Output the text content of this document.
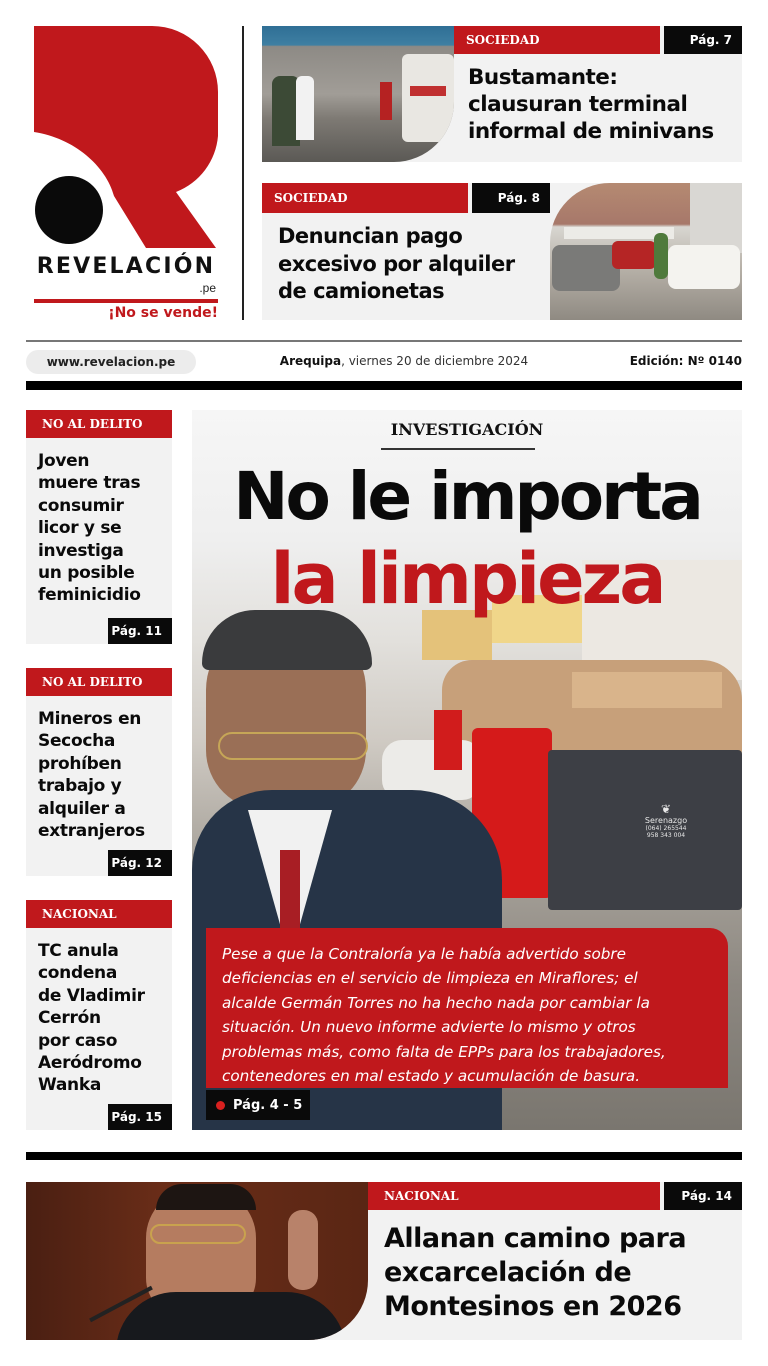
REVELACIÓN
.pe
¡No se vende!
SOCIEDAD	Pág. 7
Bustamante:
clausuran terminal
informal de minivans
SOCIEDAD	Pág. 8
Denuncian pago
excesivo por alquiler
de camionetas
www.revelacion.pe	Arequipa, viernes 20 de diciembre 2024	Edición: Nº 0140
NO AL DELITO
Joven
muere tras
consumir
licor y se
investiga
un posible
feminicidio
Pág. 11
NO AL DELITO
Mineros en
Secocha
prohíben
trabajo y
alquiler a
extranjeros
Pág. 12
NACIONAL
TC anula
condena
de Vladimir
Cerrón
por caso
Aeródromo
Wanka
Pág. 15
❦
Serenazgo
(064) 265544
958 343 004
INVESTIGACIÓN
No le importa
la limpieza
Pese a que la Contraloría ya le había advertido sobre
deficiencias en el servicio de limpieza en Miraflores; el
alcalde Germán Torres no ha hecho nada por cambiar la
situación. Un nuevo informe advierte lo mismo y otros
problemas más, como falta de EPPs para los trabajadores,
contenedores en mal estado y acumulación de basura.
Pág. 4 - 5
NACIONAL	Pág. 14
Allanan camino para
excarcelación de
Montesinos en 2026
